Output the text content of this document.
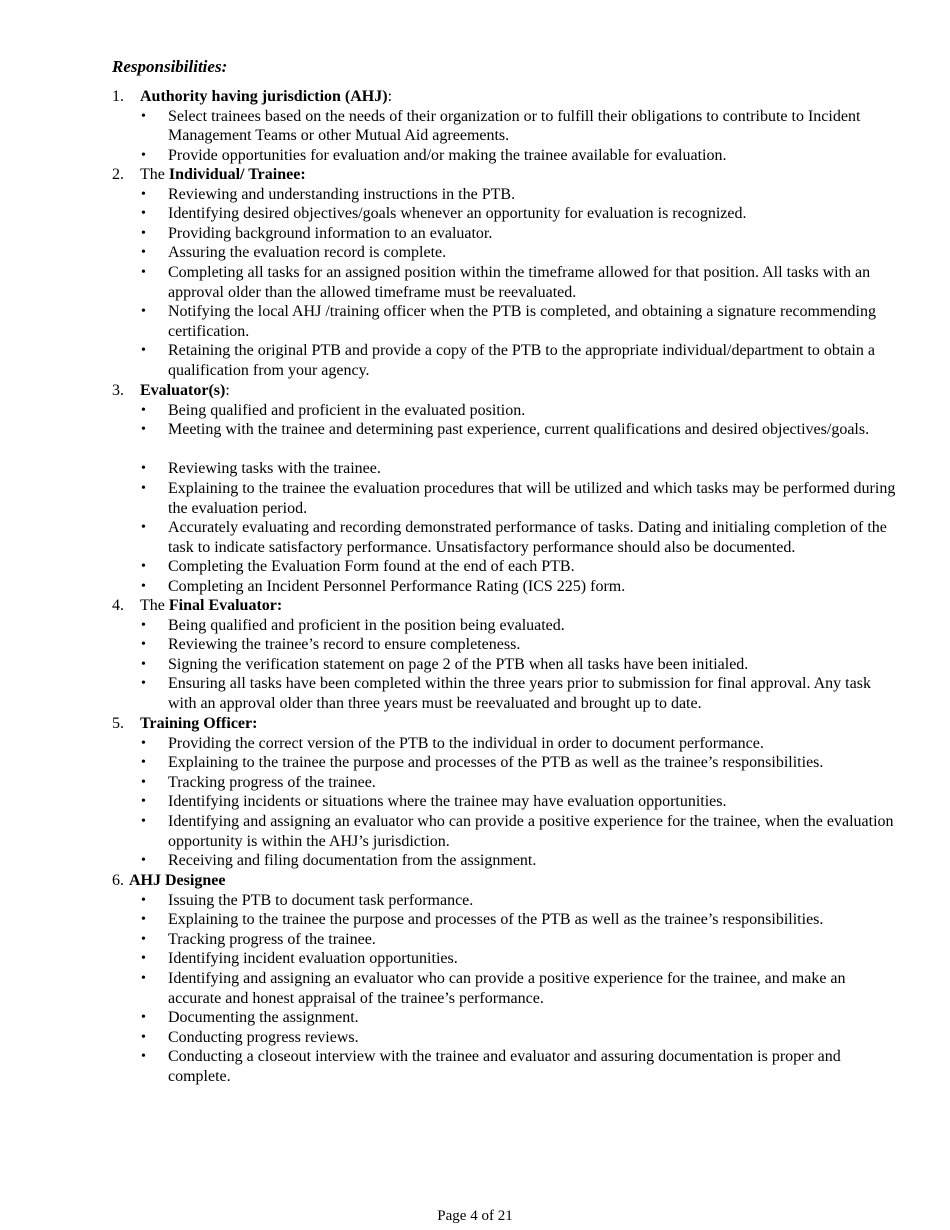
Responsibilities:
1. Authority having jurisdiction (AHJ):
• Select trainees based on the needs of their organization or to fulfill their obligations to contribute to Incident Management Teams or other Mutual Aid agreements.
• Provide opportunities for evaluation and/or making the trainee available for evaluation.
2. The Individual/ Trainee:
• Reviewing and understanding instructions in the PTB.
• Identifying desired objectives/goals whenever an opportunity for evaluation is recognized.
• Providing background information to an evaluator.
• Assuring the evaluation record is complete.
• Completing all tasks for an assigned position within the timeframe allowed for that position. All tasks with an approval older than the allowed timeframe must be reevaluated.
• Notifying the local AHJ /training officer when the PTB is completed, and obtaining a signature recommending certification.
• Retaining the original PTB and provide a copy of the PTB to the appropriate individual/department to obtain a qualification from your agency.
3. Evaluator(s):
• Being qualified and proficient in the evaluated position.
• Meeting with the trainee and determining past experience, current qualifications and desired objectives/goals.
• Reviewing tasks with the trainee.
• Explaining to the trainee the evaluation procedures that will be utilized and which tasks may be performed during the evaluation period.
• Accurately evaluating and recording demonstrated performance of tasks. Dating and initialing completion of the task to indicate satisfactory performance. Unsatisfactory performance should also be documented.
• Completing the Evaluation Form found at the end of each PTB.
• Completing an Incident Personnel Performance Rating (ICS 225) form.
4. The Final Evaluator:
• Being qualified and proficient in the position being evaluated.
• Reviewing the trainee’s record to ensure completeness.
• Signing the verification statement on page 2 of the PTB when all tasks have been initialed.
• Ensuring all tasks have been completed within the three years prior to submission for final approval. Any task with an approval older than three years must be reevaluated and brought up to date.
5. Training Officer:
• Providing the correct version of the PTB to the individual in order to document performance.
• Explaining to the trainee the purpose and processes of the PTB as well as the trainee’s responsibilities.
• Tracking progress of the trainee.
• Identifying incidents or situations where the trainee may have evaluation opportunities.
• Identifying and assigning an evaluator who can provide a positive experience for the trainee, when the evaluation opportunity is within the AHJ’s jurisdiction.
• Receiving and filing documentation from the assignment.
6. AHJ Designee
• Issuing the PTB to document task performance.
• Explaining to the trainee the purpose and processes of the PTB as well as the trainee’s responsibilities.
• Tracking progress of the trainee.
• Identifying incident evaluation opportunities.
• Identifying and assigning an evaluator who can provide a positive experience for the trainee, and make an accurate and honest appraisal of the trainee’s performance.
• Documenting the assignment.
• Conducting progress reviews.
• Conducting a closeout interview with the trainee and evaluator and assuring documentation is proper and complete.
Page 4 of 21
